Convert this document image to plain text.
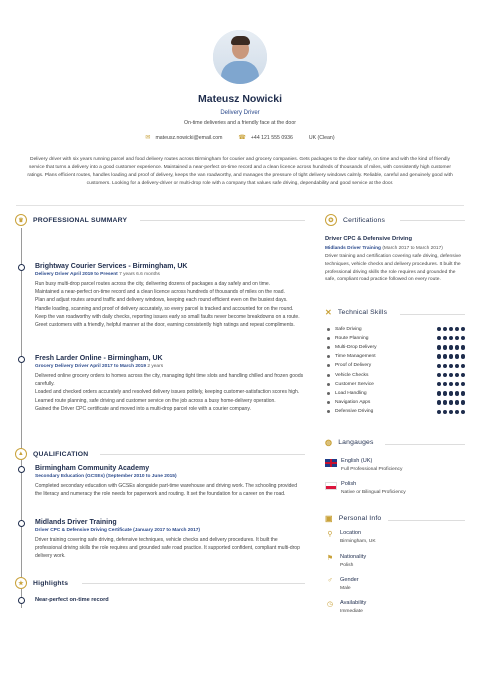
Mateusz Nowicki
Delivery Driver
On-time deliveries and a friendly face at the door
✉ mateusz.nowicki@email.com	☎ +44 121 555 0936	UK (Clean)
Delivery driver with six years running parcel and food delivery routes across Birmingham for courier and grocery companies. Gets packages to the door safely, on time and with the kind of friendly service that turns a delivery into a good customer experience. Maintained a near-perfect on-time record and a clean licence across hundreds of thousands of miles, with consistently high customer ratings. Plans efficient routes, handles loading and proof of delivery, keeps the van roadworthy, and manages the pressure of tight delivery windows calmly. Reliable, careful and genuinely good with customers. Looking for a delivery-driver or multi-drop role with a company that values safe driving, dependability and good service at the door.
♛	PROFESSIONAL SUMMARY
Brightway Courier Services - Birmingham, UK
Delivery Driver April 2019 to Present 7 years 6.6 months
Run busy multi-drop parcel routes across the city, delivering dozens of packages a day safely and on time.
Maintained a near-perfect on-time record and a clean licence across hundreds of thousands of miles on the road.
Plan and adjust routes around traffic and delivery windows, keeping each round efficient even on the busiest days.
Handle loading, scanning and proof of delivery accurately, so every parcel is tracked and accounted for on the round.
Keep the van roadworthy with daily checks, reporting issues early so small faults never become breakdowns on a route.
Greet customers with a friendly, helpful manner at the door, earning consistently high ratings and repeat compliments.
Fresh Larder Online - Birmingham, UK
Grocery Delivery Driver April 2017 to March 2019 2 years
Delivered online grocery orders to homes across the city, managing tight time slots and handling chilled and frozen goods carefully.
Loaded and checked orders accurately and resolved delivery issues politely, keeping customer-satisfaction scores high.
Learned route planning, safe driving and customer service on the job across a busy home-delivery operation.
Gained the Driver CPC certificate and moved into a multi-drop parcel role with a courier company.
▲	QUALIFICATION
Birmingham Community Academy
Secondary Education (GCSEs) (September 2010 to June 2015)
Completed secondary education with GCSEs alongside part-time warehouse and driving work. The schooling provided the literacy and numeracy the role needs for paperwork and routing. It set the foundation for a career on the road.
Midlands Driver Training
Driver CPC & Defensive Driving Certificate (January 2017 to March 2017)
Driver training covering safe driving, defensive techniques, vehicle checks and delivery procedures. It built the professional driving skills the role requires and grounded safe road practice. It supported confident, compliant multi-drop delivery work.
★	Highlights
Near-perfect on-time record
✪	Certifications
Driver CPC & Defensive Driving
Midlands Driver Training (March 2017 to March 2017)
Driver training and certification covering safe driving, defensive techniques, vehicle checks and delivery procedures. It built the professional driving skills the role requires and grounded the safe, compliant road practice followed on every route.
✕ Technical Skills
Safe Driving
Route Planning
Multi-Drop Delivery
Time Management
Proof of Delivery
Vehicle Checks
Customer Service
Load Handling
Navigation Apps
Defensive Driving
◍ Langauges
English (UK)
Full Professional Proficiency
Polish
Native or Bilingual Proficiency
▣ Personal Info
⚲	Location
Birmingham, UK
⚑	Nationality
Polish
♂	Gender
Male
◷	Availability
Immediate
